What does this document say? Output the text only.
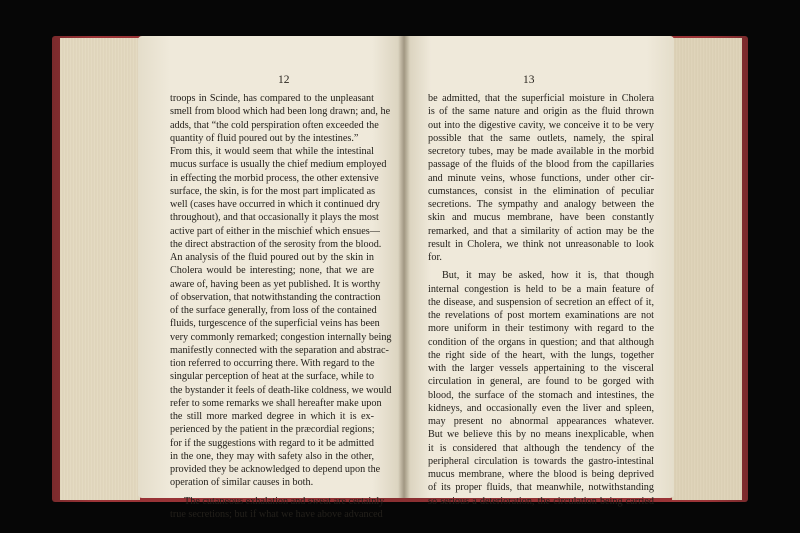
12
troops in Scinde, has compared to the unpleasant
smell from blood which had been long drawn; and, he
adds, that “the cold perspiration often exceeded the
quantity of fluid poured out by the intestines.”
From this, it would seem that while the intestinal
mucus surface is usually the chief medium employed
in effecting the morbid process, the other extensive
surface, the skin, is for the most part implicated as
well (cases have occurred in which it continued dry
throughout), and that occasionally it plays the most
active part of either in the mischief which ensues—
the direct abstraction of the serosity from the blood.
An analysis of the fluid poured out by the skin in
Cholera would be interesting; none, that we are
aware of, having been as yet published. It is worthy
of observation, that notwithstanding the contraction
of the surface generally, from loss of the contained
fluids, turgescence of the superficial veins has been
very commonly remarked; congestion internally being
manifestly connected with the separation and abstrac-
tion referred to occurring there. With regard to the
singular perception of heat at the surface, while to
the bystander it feels of death-like coldness, we would
refer to some remarks we shall hereafter make upon
the still more marked degree in which it is ex-
perienced by the patient in the præcordial regions;
for if the suggestions with regard to it be admitted
in the one, they may with safety also in the other,
provided they be acknowledged to depend upon the
operation of similar causes in both.
The cutaneous exhalation and sweat are certainly
true secretions; but if what we have above advanced
13
be admitted, that the superficial moisture in Cholera
is of the same nature and origin as the fluid thrown
out into the digestive cavity, we conceive it to be very
possible that the same outlets, namely, the spiral
secretory tubes, may be made available in the morbid
passage of the fluids of the blood from the capillaries
and minute veins, whose functions, under other cir-
cumstances, consist in the elimination of peculiar
secretions. The sympathy and analogy between the
skin and mucus membrane, have been constantly
remarked, and that a similarity of action may be the
result in Cholera, we think not unreasonable to look
for.
But, it may be asked, how it is, that though
internal congestion is held to be a main feature of
the disease, and suspension of secretion an effect of it,
the revelations of post mortem examinations are not
more uniform in their testimony with regard to the
condition of the organs in question; and that although
the right side of the heart, with the lungs, together
with the larger vessels appertaining to the visceral
circulation in general, are found to be gorged with
blood, the surface of the stomach and intestines, the
kidneys, and occasionally even the liver and spleen,
may present no abnormal appearances whatever.
But we believe this by no means inexplicable, when
it is considered that although the tendency of the
peripheral circulation is towards the gastro-intestinal
mucus membrane, where the blood is being deprived
of its proper fluids, that meanwhile, notwithstanding
so serious a deterioration, the circulation being carried
